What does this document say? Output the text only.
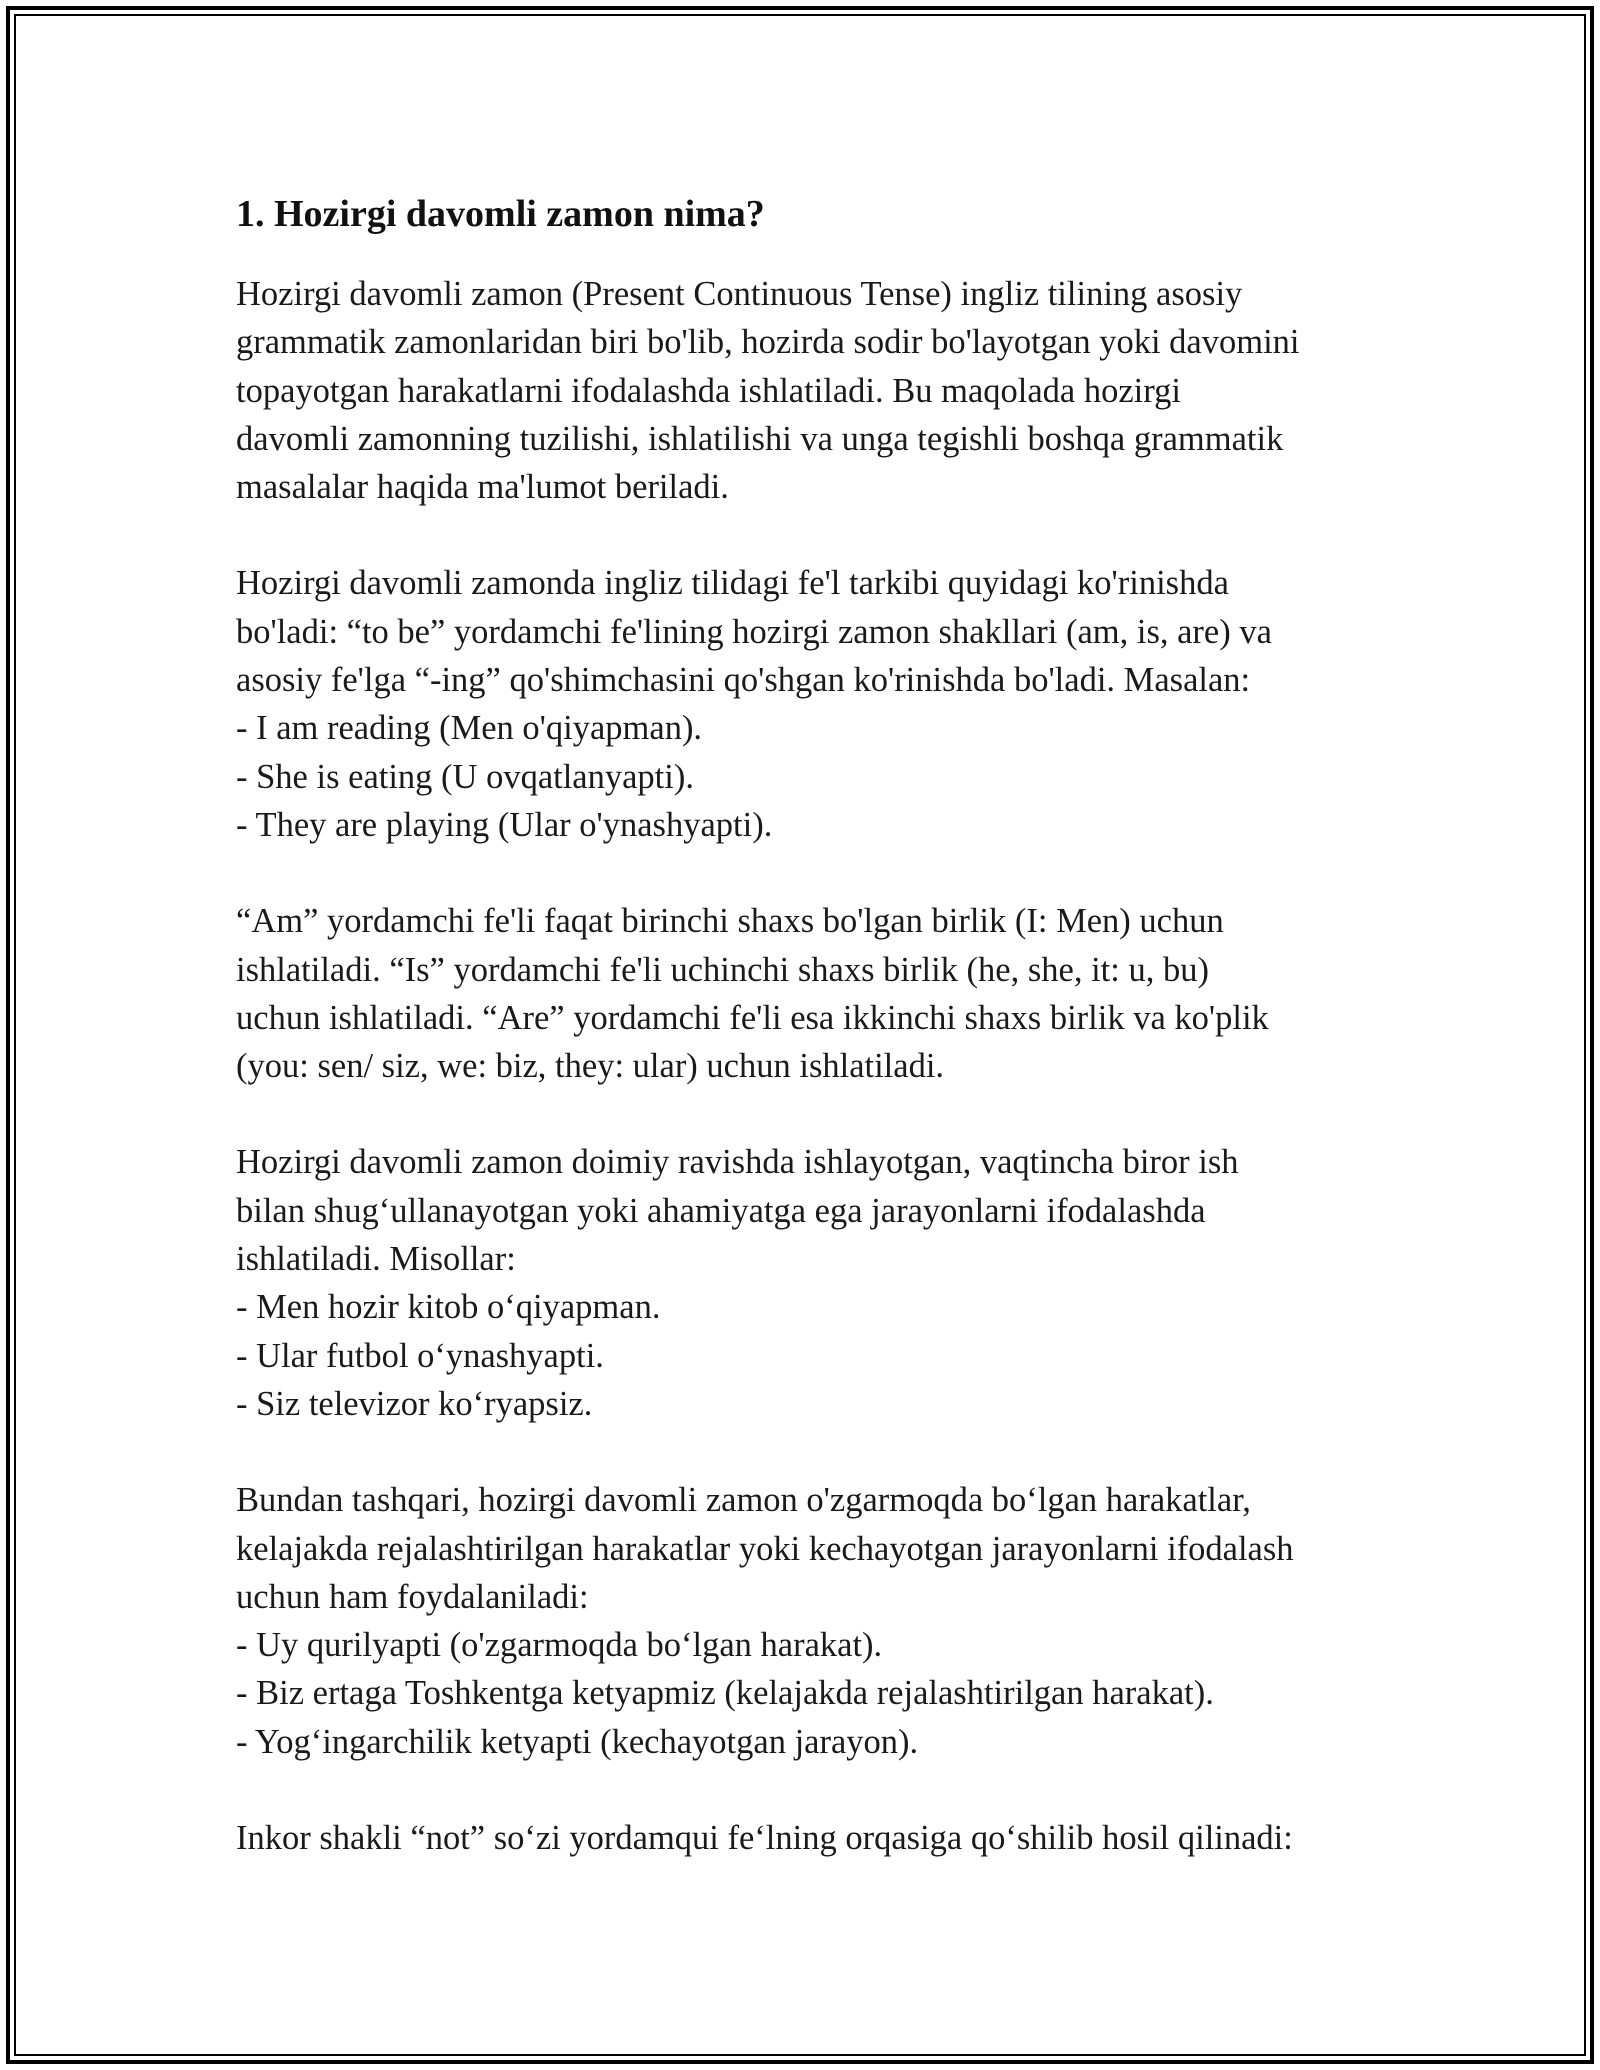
1. Hozirgi davomli zamon nima?
Hozirgi davomli zamon (Present Continuous Tense) ingliz tilining asosiy
grammatik zamonlaridan biri bo'lib, hozirda sodir bo'layotgan yoki davomini
topayotgan harakatlarni ifodalashda ishlatiladi. Bu maqolada hozirgi
davomli zamonning tuzilishi, ishlatilishi va unga tegishli boshqa grammatik
masalalar haqida ma'lumot beriladi.
Hozirgi davomli zamonda ingliz tilidagi fe'l tarkibi quyidagi ko'rinishda
bo'ladi: “to be” yordamchi fe'lining hozirgi zamon shakllari (am, is, are) va
asosiy fe'lga “-ing” qo'shimchasini qo'shgan ko'rinishda bo'ladi. Masalan:
- I am reading (Men o'qiyapman).
- She is eating (U ovqatlanyapti).
- They are playing (Ular o'ynashyapti).
“Am” yordamchi fe'li faqat birinchi shaxs bo'lgan birlik (I: Men) uchun
ishlatiladi. “Is” yordamchi fe'li uchinchi shaxs birlik (he, she, it: u, bu)
uchun ishlatiladi. “Are” yordamchi fe'li esa ikkinchi shaxs birlik va ko'plik
(you: sen/ siz, we: biz, they: ular) uchun ishlatiladi.
Hozirgi davomli zamon doimiy ravishda ishlayotgan, vaqtincha biror ish
bilan shug‘ullanayotgan yoki ahamiyatga ega jarayonlarni ifodalashda
ishlatiladi. Misollar:
- Men hozir kitob o‘qiyapman.
- Ular futbol o‘ynashyapti.
- Siz televizor ko‘ryapsiz.
Bundan tashqari, hozirgi davomli zamon o'zgarmoqda bo‘lgan harakatlar,
kelajakda rejalashtirilgan harakatlar yoki kechayotgan jarayonlarni ifodalash
uchun ham foydalaniladi:
- Uy qurilyapti (o'zgarmoqda bo‘lgan harakat).
- Biz ertaga Toshkentga ketyapmiz (kelajakda rejalashtirilgan harakat).
- Yog‘ingarchilik ketyapti (kechayotgan jarayon).
Inkor shakli “not” so‘zi yordamqui fe‘lning orqasiga qo‘shilib hosil qilinadi:
